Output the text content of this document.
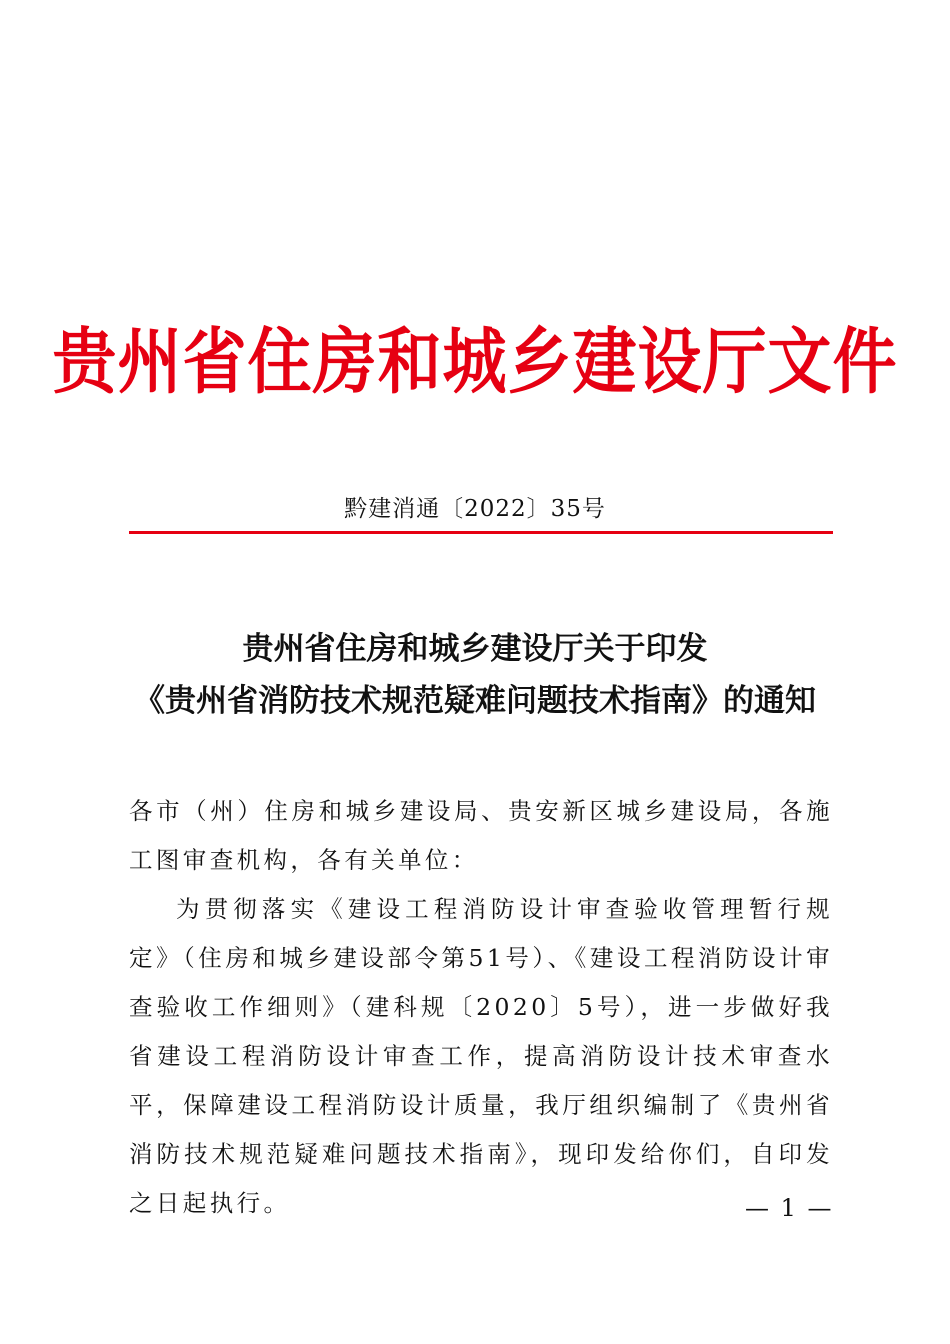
贵州省住房和城乡建设厅文件
黔建消通〔2022〕35号
贵州省住房和城乡建设厅关于印发
《贵州省消防技术规范疑难问题技术指南》的通知

各市（州）住房和城乡建设局、贵安新区城乡建设局，各施工图审查机构，各有关单位：

为贯彻落实《建设工程消防设计审查验收管理暂行规定》（住房和城乡建设部令第51号）、《建设工程消防设计审查验收工作细则》（建科规〔2020〕5号），进一步做好我省建设工程消防设计审查工作，提高消防设计技术审查水平，保障建设工程消防设计质量，我厅组织编制了《贵州省消防技术规范疑难问题技术指南》，现印发给你们，自印发之日起执行。	— 1 —
